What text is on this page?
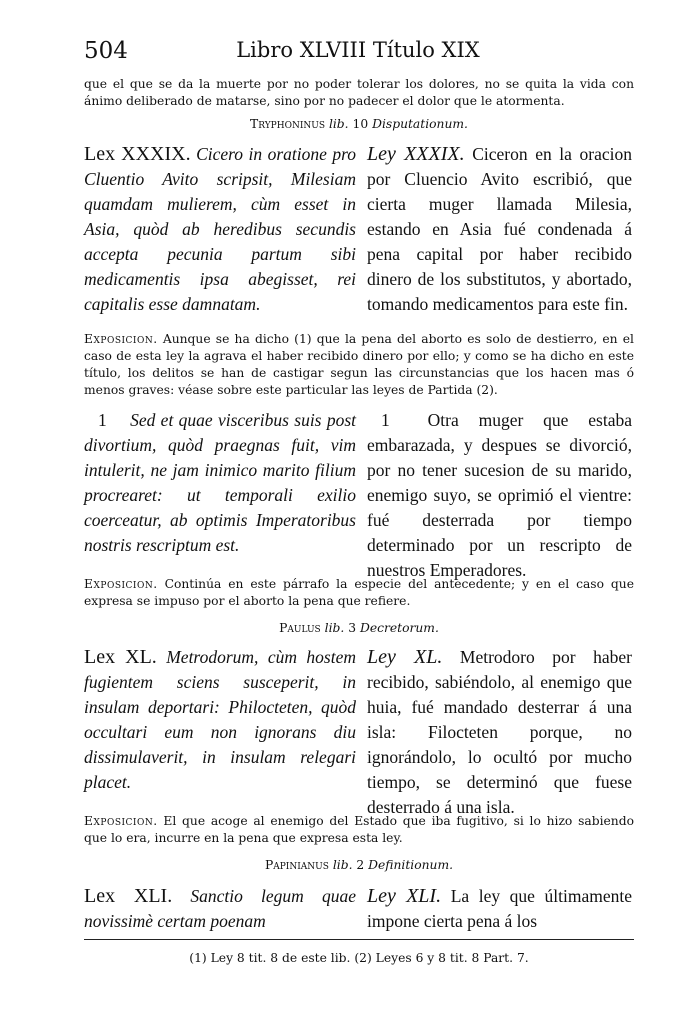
504	Libro XLVIII Título XIX
que el que se da la muerte por no poder tolerar los dolores, no se quita la vida con ánimo deliberado de matarse, sino por no padecer el dolor que le atormenta.
Tryphoninus lib. 10 Disputationum.
Lex XXXIX. Cicero in oratione pro Cluentio Avito scripsit, Milesiam quamdam mulierem, cùm esset in Asia, quòd ab heredibus secundis accepta pecunia partum sibi medicamentis ipsa abegisset, rei capitalis esse damnatam.
Ley XXXIX. Ciceron en la oracion por Cluencio Avito escribió, que cierta muger llamada Milesia, estando en Asia fué condenada á pena capital por haber recibido dinero de los substitutos, y abortado, tomando medicamentos para este fin.
Exposicion. Aunque se ha dicho (1) que la pena del aborto es solo de destierro, en el caso de esta ley la agrava el haber recibido dinero por ello; y como se ha dicho en este título, los delitos se han de castigar segun las circunstancias que los hacen mas ó menos graves: véase sobre este particular las leyes de Partida (2).
1 Sed et quae visceribus suis post divortium, quòd praegnas fuit, vim intulerit, ne jam inimico marito filium procrearet: ut temporali exilio coerceatur, ab optimis Imperatoribus nostris rescriptum est.
1 Otra muger que estaba embarazada, y despues se divorció, por no tener sucesion de su marido, enemigo suyo, se oprimió el vientre: fué desterrada por tiempo determinado por un rescripto de nuestros Emperadores.
Exposicion. Continúa en este párrafo la especie del antecedente; y en el caso que expresa se impuso por el aborto la pena que refiere.
Paulus lib. 3 Decretorum.
Lex XL. Metrodorum, cùm hostem fugientem sciens susceperit, in insulam deportari: Philocteten, quòd occultari eum non ignorans diu dissimulaverit, in insulam relegari placet.
Ley XL. Metrodoro por haber recibido, sabiéndolo, al enemigo que huia, fué mandado desterrar á una isla: Filocteten porque, no ignorándolo, lo ocultó por mucho tiempo, se determinó que fuese desterrado á una isla.
Exposicion. El que acoge al enemigo del Estado que iba fugitivo, si lo hizo sabiendo que lo era, incurre en la pena que expresa esta ley.
Papinianus lib. 2 Definitionum.
Lex XLI. Sanctio legum quae novissimè certam poenam
Ley XLI. La ley que últimamente impone cierta pena á los
(1) Ley 8 tit. 8 de este lib. (2) Leyes 6 y 8 tit. 8 Part. 7.
